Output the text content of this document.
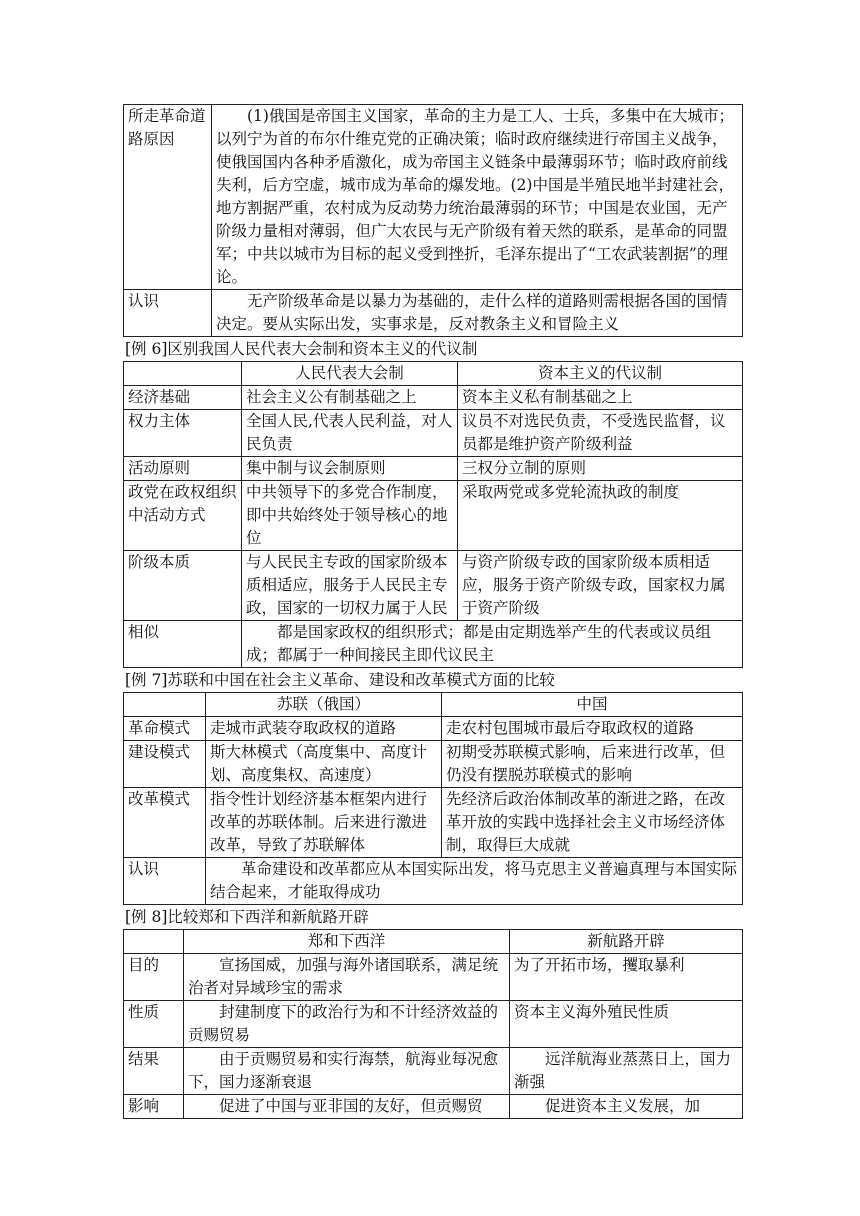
所走革命道路原因	(1)俄国是帝国主义国家，革命的主力是工人、士兵，多集中在大城市；以列宁为首的布尔什维克党的正确决策；临时政府继续进行帝国主义战争，使俄国国内各种矛盾激化，成为帝国主义链条中最薄弱环节；临时政府前线失利，后方空虚，城市成为革命的爆发地。(2)中国是半殖民地半封建社会，地方割据严重，农村成为反动势力统治最薄弱的环节；中国是农业国，无产阶级力量相对薄弱，但广大农民与无产阶级有着天然的联系，是革命的同盟军；中共以城市为目标的起义受到挫折，毛泽东提出了“工农武装割据”的理论。
认识	无产阶级革命是以暴力为基础的，走什么样的道路则需根据各国的国情决定。要从实际出发，实事求是，反对教条主义和冒险主义
[例 6]区别我国人民代表大会制和资本主义的代议制
	人民代表大会制	资本主义的代议制
经济基础	社会主义公有制基础之上	资本主义私有制基础之上
权力主体	全国人民,代表人民利益，对人民负责	议员不对选民负责，不受选民监督，议员都是维护资产阶级利益
活动原则	集中制与议会制原则	三权分立制的原则
政党在政权组织中活动方式	中共领导下的多党合作制度，即中共始终处于领导核心的地位	采取两党或多党轮流执政的制度
阶级本质	与人民民主专政的国家阶级本质相适应，服务于人民民主专政，国家的一切权力属于人民	与资产阶级专政的国家阶级本质相适应，服务于资产阶级专政，国家权力属于资产阶级
相似	都是国家政权的组织形式；都是由定期选举产生的代表或议员组成；都属于一种间接民主即代议民主	
[例 7]苏联和中国在社会主义革命、建设和改革模式方面的比较
	苏联（俄国）	中国
革命模式	走城市武装夺取政权的道路	走农村包围城市最后夺取政权的道路
建设模式	斯大林模式（高度集中、高度计划、高度集权、高速度）	初期受苏联模式影响，后来进行改革，但仍没有摆脱苏联模式的影响
改革模式	指令性计划经济基本框架内进行改革的苏联体制。后来进行激进改革，导致了苏联解体	先经济后政治体制改革的渐进之路，在改革开放的实践中选择社会主义市场经济体制，取得巨大成就
认识	革命建设和改革都应从本国实际出发，将马克思主义普遍真理与本国实际结合起来，才能取得成功	
[例 8]比较郑和下西洋和新航路开辟
	郑和下西洋	新航路开辟
目的	宣扬国威，加强与海外诸国联系，满足统治者对异域珍宝的需求	为了开拓市场，攫取暴利
性质	封建制度下的政治行为和不计经济效益的贡赐贸易	资本主义海外殖民性质
结果	由于贡赐贸易和实行海禁，航海业每况愈下，国力逐渐衰退	远洋航海业蒸蒸日上，国力渐强
影响	促进了中国与亚非国的友好，但贡赐贸	促进资本主义发展，加
